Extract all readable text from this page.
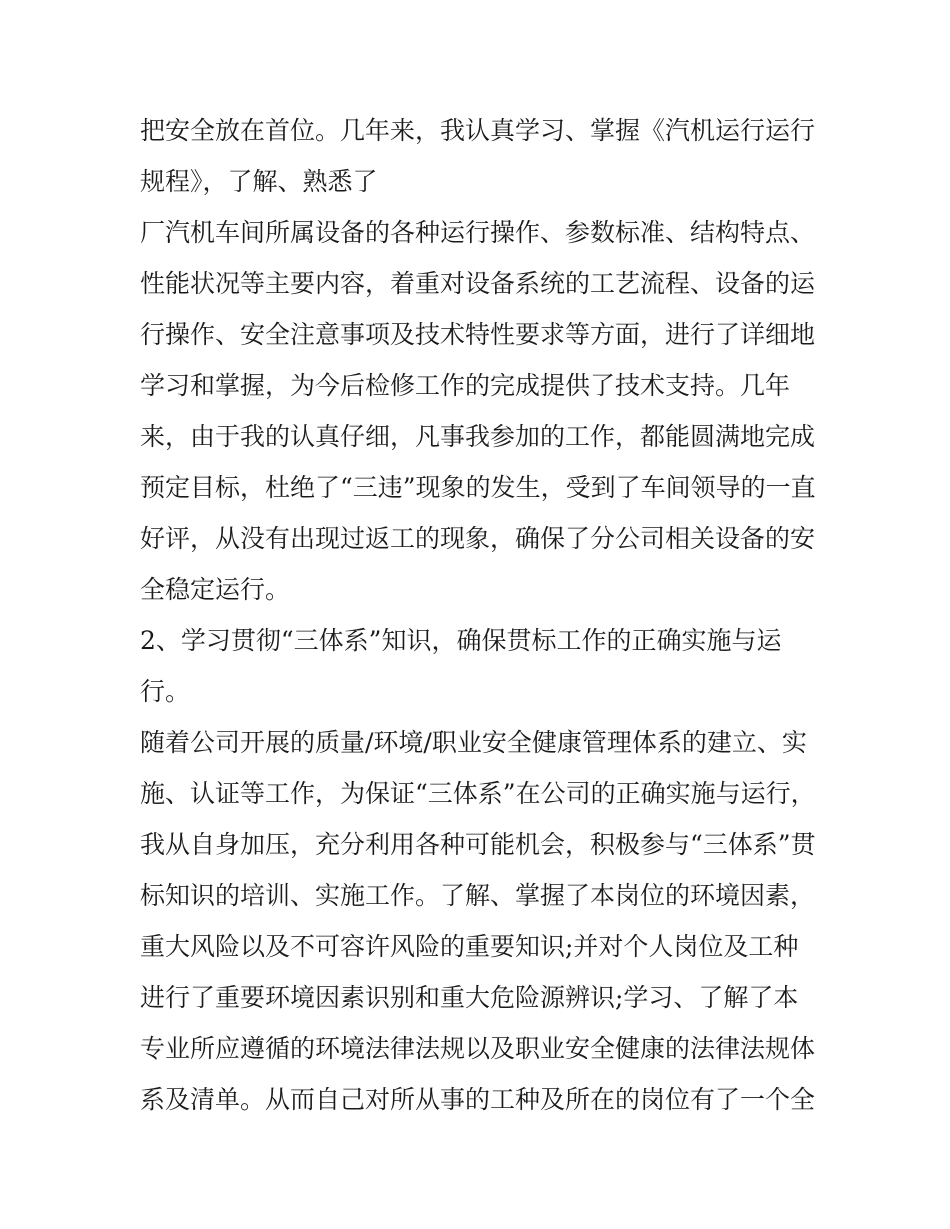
把安全放在首位。几年来，我认真学习、掌握《汽机运行运行
规程》，了解、熟悉了
厂汽机车间所属设备的各种运行操作、参数标准、结构特点、
性能状况等主要内容，着重对设备系统的工艺流程、设备的运
行操作、安全注意事项及技术特性要求等方面，进行了详细地
学习和掌握，为今后检修工作的完成提供了技术支持。几年
来，由于我的认真仔细，凡事我参加的工作，都能圆满地完成
预定目标，杜绝了“三违”现象的发生，受到了车间领导的一直
好评，从没有出现过返工的现象，确保了分公司相关设备的安
全稳定运行。
2、学习贯彻“三体系”知识，确保贯标工作的正确实施与运
行。
随着公司开展的质量/环境/职业安全健康管理体系的建立、实
施、认证等工作，为保证“三体系”在公司的正确实施与运行，
我从自身加压，充分利用各种可能机会，积极参与“三体系”贯
标知识的培训、实施工作。了解、掌握了本岗位的环境因素，
重大风险以及不可容许风险的重要知识;并对个人岗位及工种
进行了重要环境因素识别和重大危险源辨识;学习、了解了本
专业所应遵循的环境法律法规以及职业安全健康的法律法规体
系及清单。从而自己对所从事的工种及所在的岗位有了一个全
